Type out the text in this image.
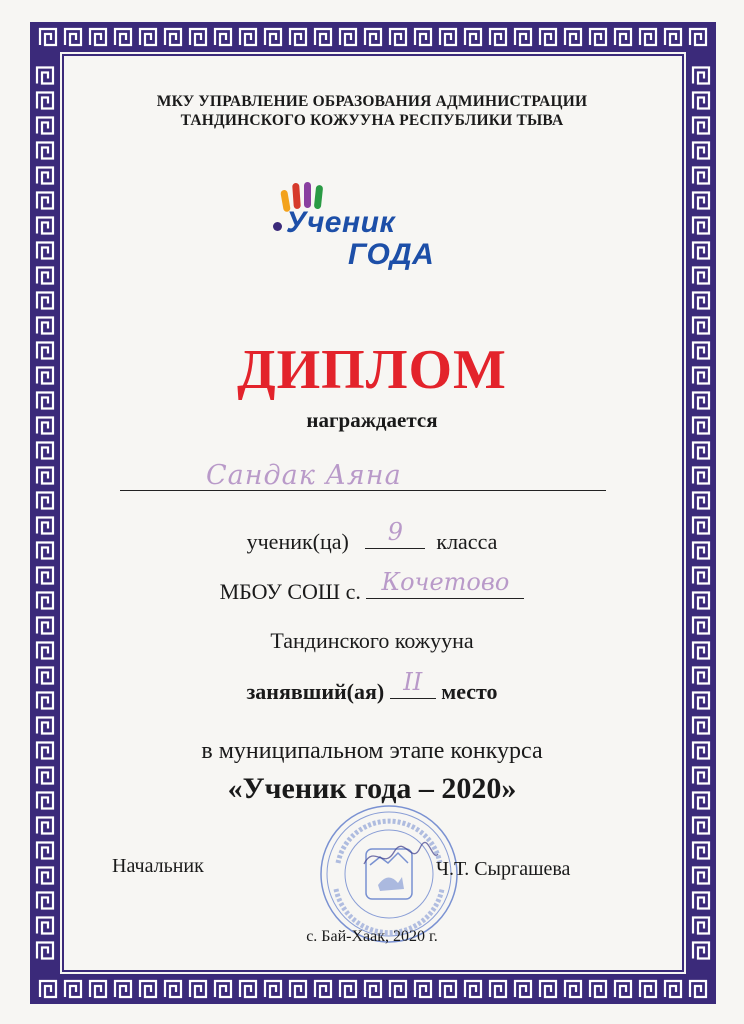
МКУ УПРАВЛЕНИЕ ОБРАЗОВАНИЯ АДМИНИСТРАЦИИ
ТАНДИНСКОГО КОЖУУНА РЕСПУБЛИКИ ТЫВА
Ученик
ГОДА
ДИПЛОМ
награждается
Сандак Аяна
ученик(ца)	9	класса
МБОУ СОШ с. Кочетово
Тандинского кожууна
занявший(ая) II место
в муниципальном этапе конкурса
«Ученик года – 2020»
Начальник	Ч.Т. Сыргашева
с. Бай-Хаак, 2020 г.
